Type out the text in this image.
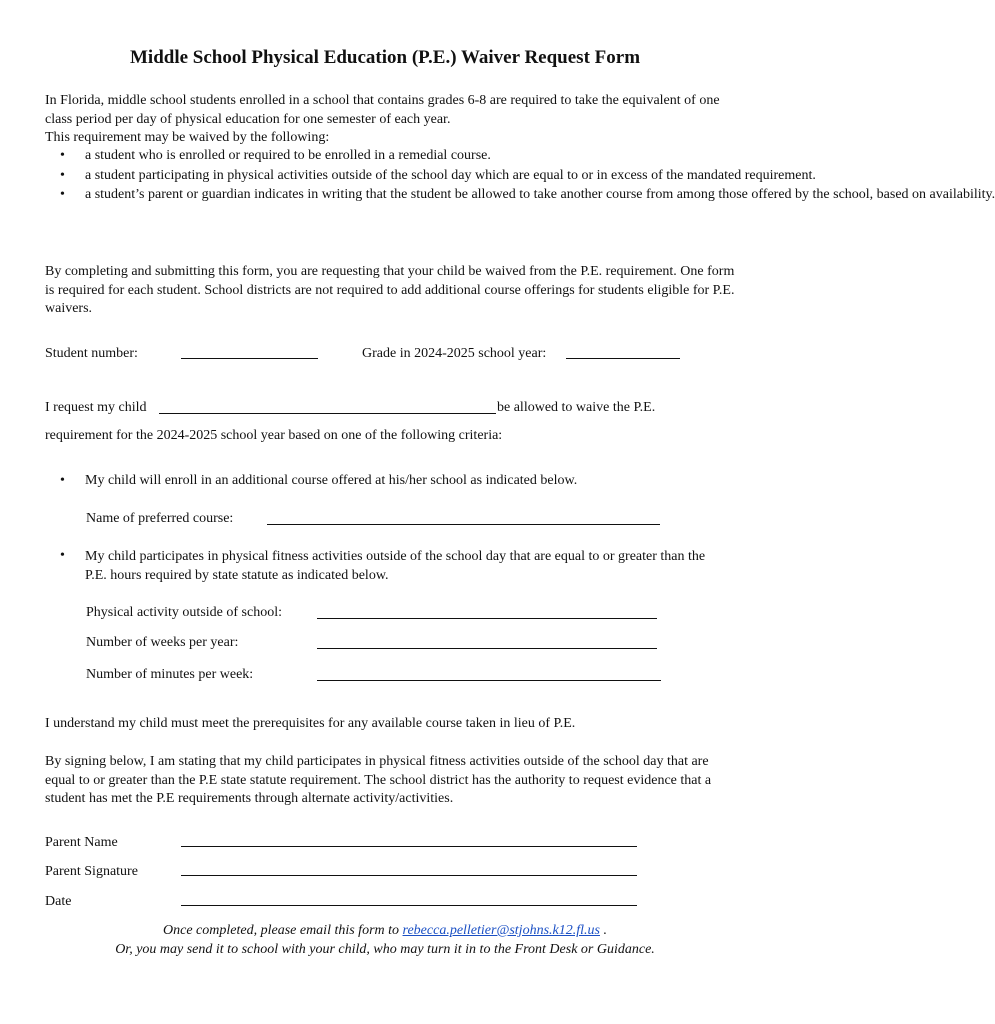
Middle School Physical Education (P.E.) Waiver Request Form
In Florida, middle school students enrolled in a school that contains grades 6-8 are required to take the equivalent of one class period per day of physical education for one semester of each year.
This requirement may be waived by the following:
• a student who is enrolled or required to be enrolled in a remedial course.
• a student participating in physical activities outside of the school day which are equal to or in excess of the mandated requirement.
• a student’s parent or guardian indicates in writing that the student be allowed to take another course from among those offered by the school, based on availability.
By completing and submitting this form, you are requesting that your child be waived from the P.E. requirement. One form is required for each student. School districts are not required to add additional course offerings for students eligible for P.E. waivers.
Student number:	Grade in 2024-2025 school year:
I request my child	be allowed to waive the P.E.
requirement for the 2024-2025 school year based on one of the following criteria:
• My child will enroll in an additional course offered at his/her school as indicated below.
Name of preferred course:
• My child participates in physical fitness activities outside of the school day that are equal to or greater than the P.E. hours required by state statute as indicated below.
Physical activity outside of school:
Number of weeks per year:
Number of minutes per week:
I understand my child must meet the prerequisites for any available course taken in lieu of P.E.
By signing below, I am stating that my child participates in physical fitness activities outside of the school day that are equal to or greater than the P.E state statute requirement. The school district has the authority to request evidence that a student has met the P.E requirements through alternate activity/activities.
Parent Name
Parent Signature
Date
Once completed, please email this form to rebecca.pelletier@stjohns.k12.fl.us .
Or, you may send it to school with your child, who may turn it in to the Front Desk or Guidance.
